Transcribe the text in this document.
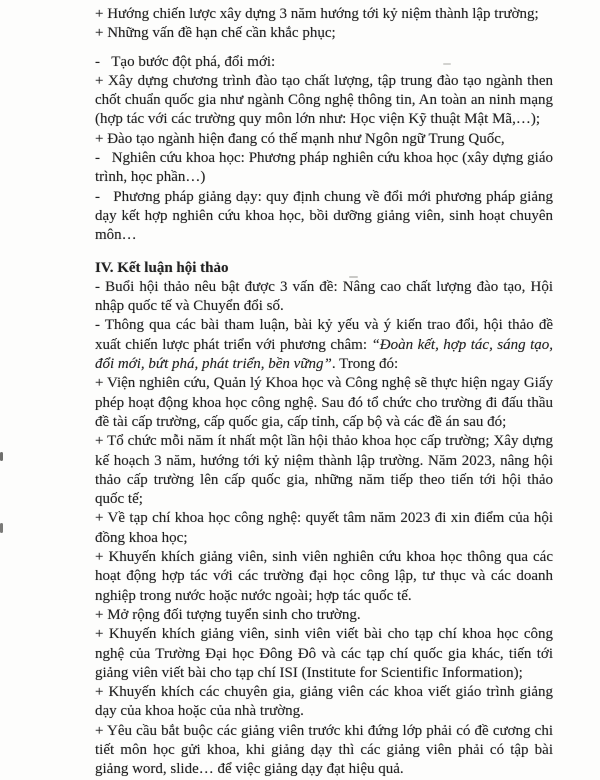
+ Hướng chiến lược xây dựng 3 năm hướng tới kỷ niệm thành lập trường;

+ Những vấn đề hạn chế cần khắc phục;

-   Tạo bước đột phá, đổi mới:

+ Xây dựng chương trình đào tạo chất lượng, tập trung đào tạo ngành then chốt chuẩn quốc gia như ngành Công nghệ thông tin, An toàn an ninh mạng (hợp tác với các trường quy môn lớn như: Học viện Kỹ thuật Mật Mã,…);

+ Đào tạo ngành hiện đang có thế mạnh như Ngôn ngữ Trung Quốc,

-   Nghiên cứu khoa học: Phương pháp nghiên cứu khoa học (xây dựng giáo trình, học phần…)

-   Phương pháp giảng dạy: quy định chung về đổi mới phương pháp giảng dạy kết hợp nghiên cứu khoa học, bồi dưỡng giảng viên, sinh hoạt chuyên môn…

IV. Kết luận hội thảo

- Buổi hội thảo nêu bật được 3 vấn đề: Nâng cao chất lượng đào tạo, Hội nhập quốc tế và Chuyển đổi số.

- Thông qua các bài tham luận, bài kỷ yếu và ý kiến trao đổi, hội thảo đề xuất chiến lược phát triển với phương châm: “Đoàn kết, hợp tác, sáng tạo, đổi mới, bứt phá, phát triển, bền vững”. Trong đó:

+ Viện nghiên cứu, Quản lý Khoa học và Công nghệ sẽ thực hiện ngay Giấy phép hoạt động khoa học công nghệ. Sau đó tổ chức cho trường đi đấu thầu đề tài cấp trường, cấp quốc gia, cấp tỉnh, cấp bộ và các đề án sau đó;

+ Tổ chức mỗi năm ít nhất một lần hội thảo khoa học cấp trường; Xây dựng kế hoạch 3 năm, hướng tới kỷ niệm thành lập trường. Năm 2023, nâng hội thảo cấp trường lên cấp quốc gia, những năm tiếp theo tiến tới hội thảo quốc tế;

+ Về tạp chí khoa học công nghệ: quyết tâm năm 2023 đi xin điểm của hội đồng khoa học;

+ Khuyến khích giảng viên, sinh viên nghiên cứu khoa học thông qua các hoạt động hợp tác với các trường đại học công lập, tư thục và các doanh nghiệp trong nước hoặc nước ngoài; hợp tác quốc tế.

+ Mở rộng đối tượng tuyển sinh cho trường.

+ Khuyến khích giảng viên, sinh viên viết bài cho tạp chí khoa học công nghệ của Trường Đại học Đông Đô và các tạp chí quốc gia khác, tiến tới giảng viên viết bài cho tạp chí ISI (Institute for Scientific Information);

+ Khuyến khích các chuyên gia, giảng viên các khoa viết giáo trình giảng dạy của khoa hoặc của nhà trường.

+ Yêu cầu bắt buộc các giảng viên trước khi đứng lớp phải có đề cương chi tiết môn học gửi khoa, khi giảng dạy thì các giảng viên phải có tập bài giảng word, slide… để việc giảng dạy đạt hiệu quả.
